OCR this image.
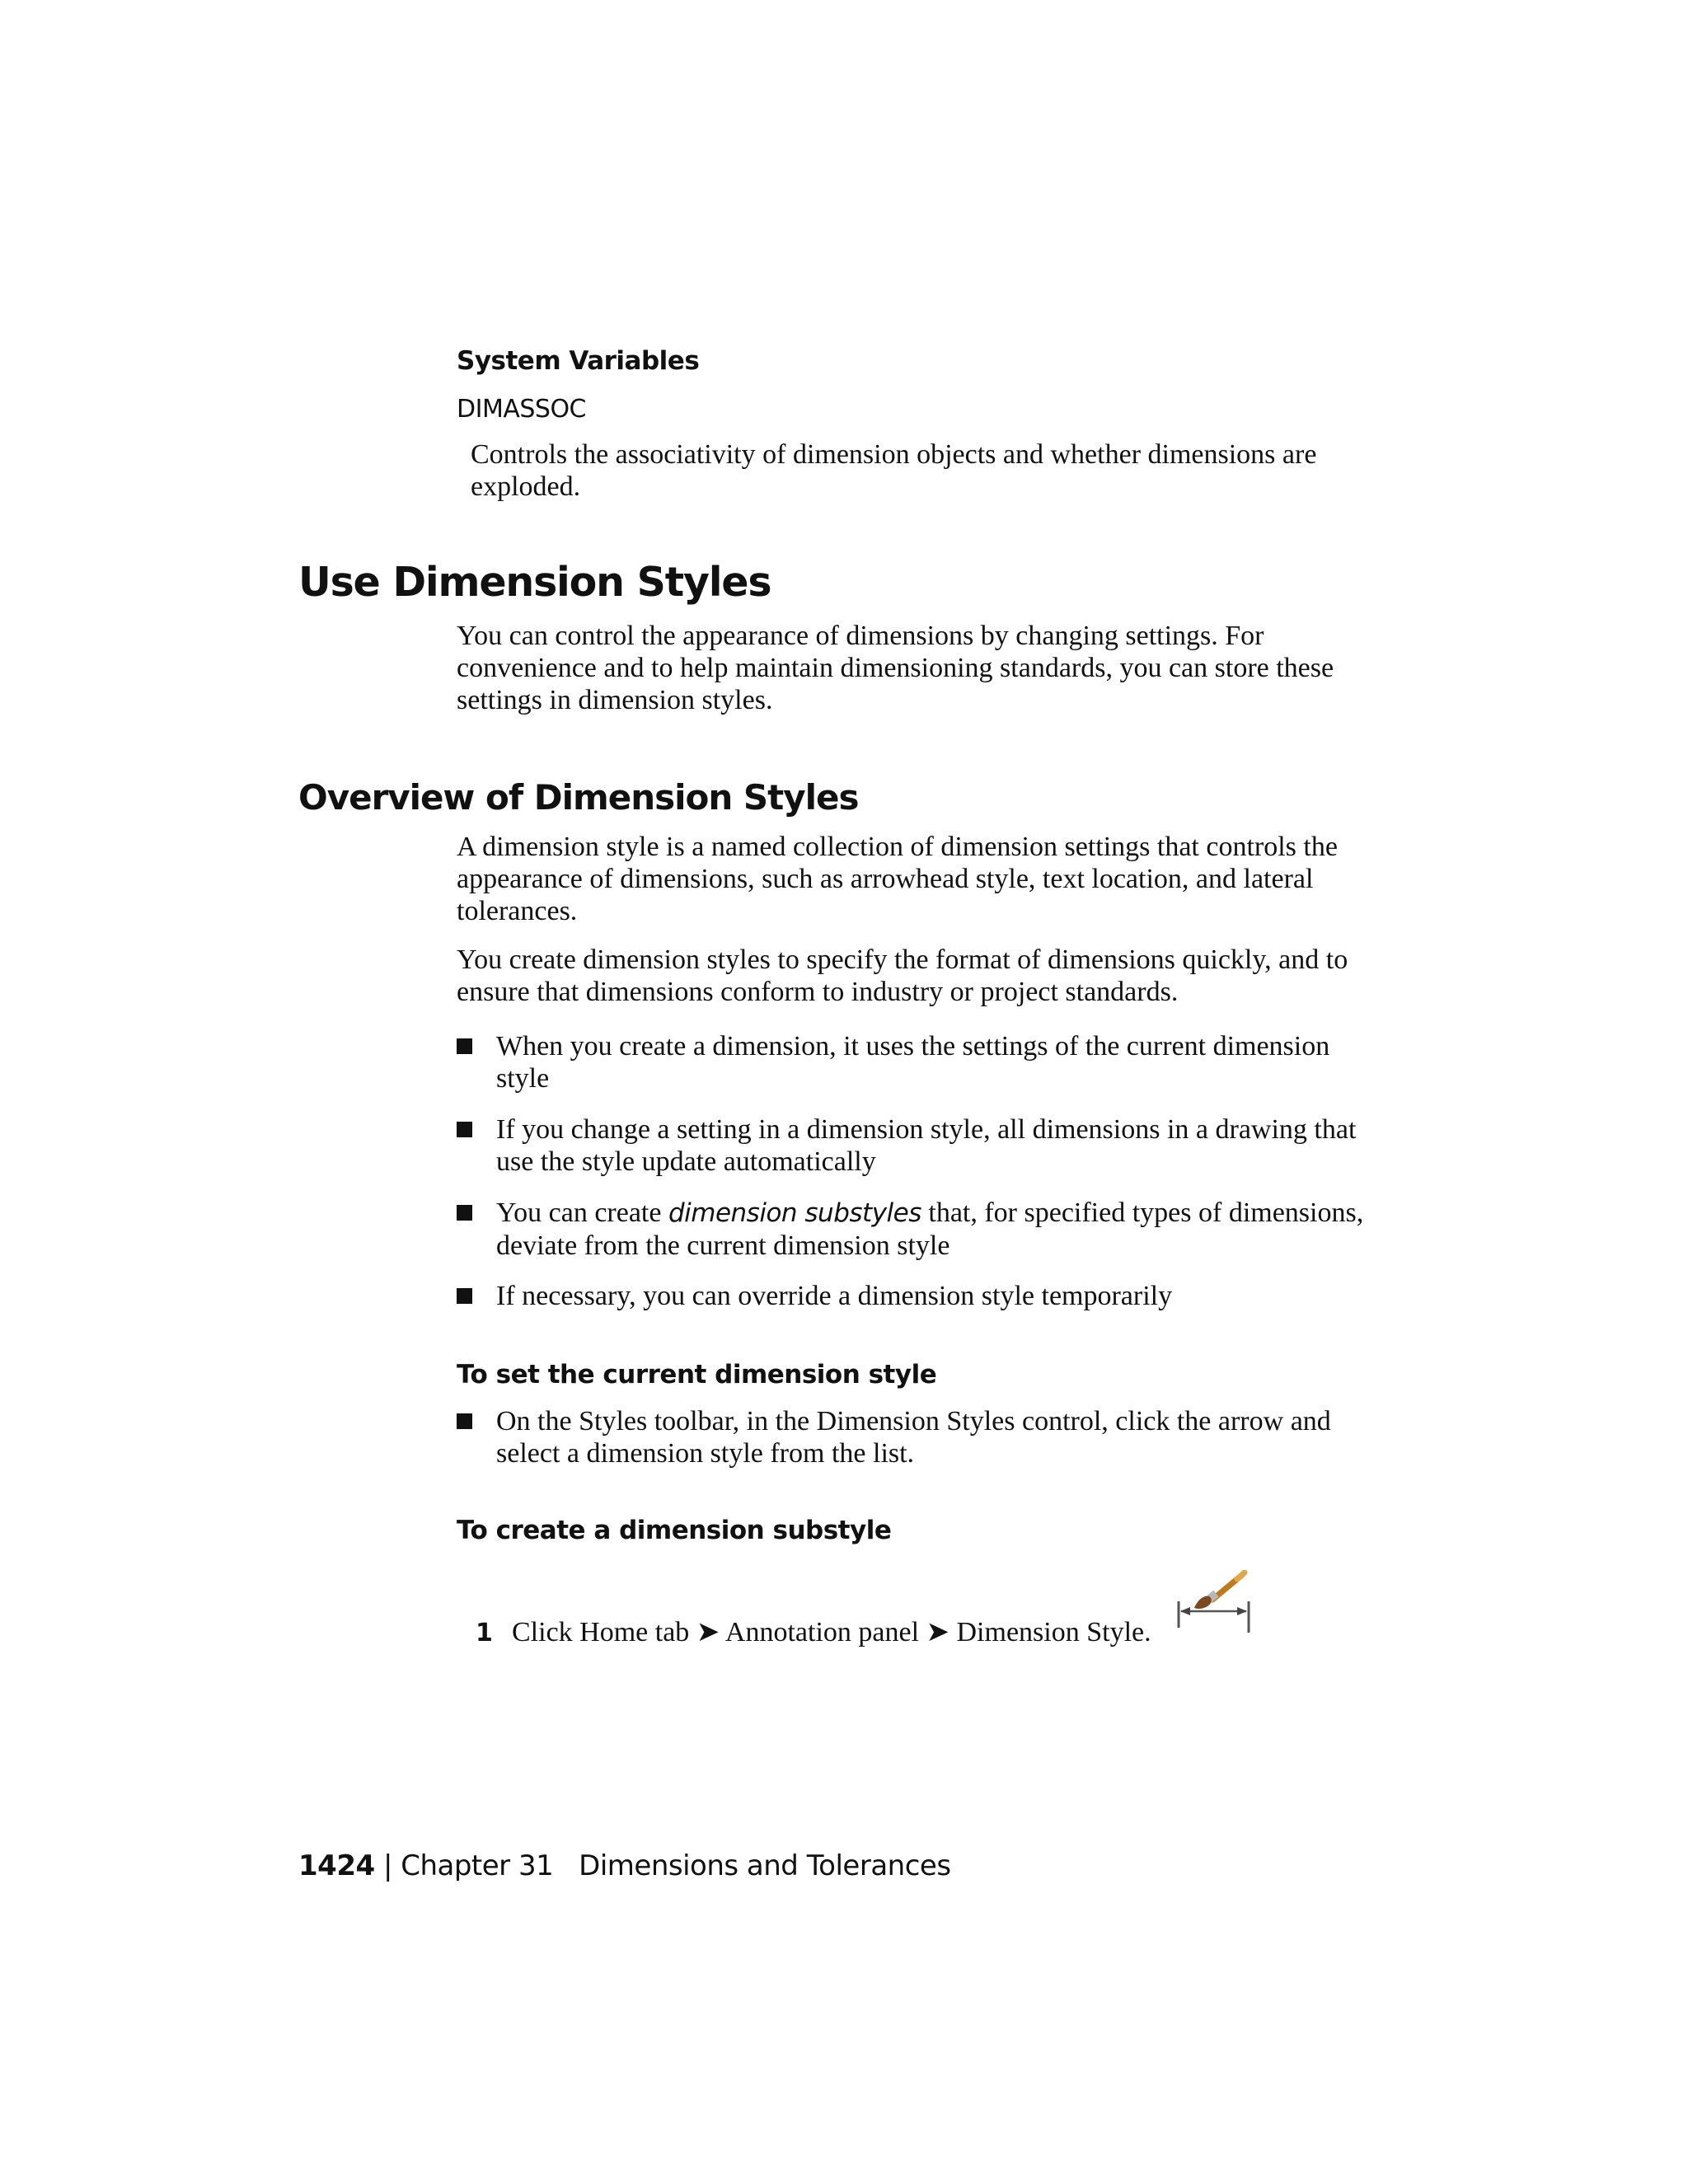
System Variables
DIMASSOC
Controls the associativity of dimension objects and whether dimensions are exploded.
Use Dimension Styles

You can control the appearance of dimensions by changing settings. For convenience and to help maintain dimensioning standards, you can store these settings in dimension styles.

Overview of Dimension Styles

A dimension style is a named collection of dimension settings that controls the appearance of dimensions, such as arrowhead style, text location, and lateral tolerances.

You create dimension styles to specify the format of dimensions quickly, and to ensure that dimensions conform to industry or project standards.

When you create a dimension, it uses the settings of the current dimension style
If you change a setting in a dimension style, all dimensions in a drawing that use the style update automatically
You can create dimension substyles that, for specified types of dimensions, deviate from the current dimension style
If necessary, you can override a dimension style temporarily
To set the current dimension style
On the Styles toolbar, in the Dimension Styles control, click the arrow and select a dimension style from the list.
To create a dimension substyle
1 Click Home tab ➤ Annotation panel ➤ Dimension Style.
1424 | Chapter 31 Dimensions and Tolerances
